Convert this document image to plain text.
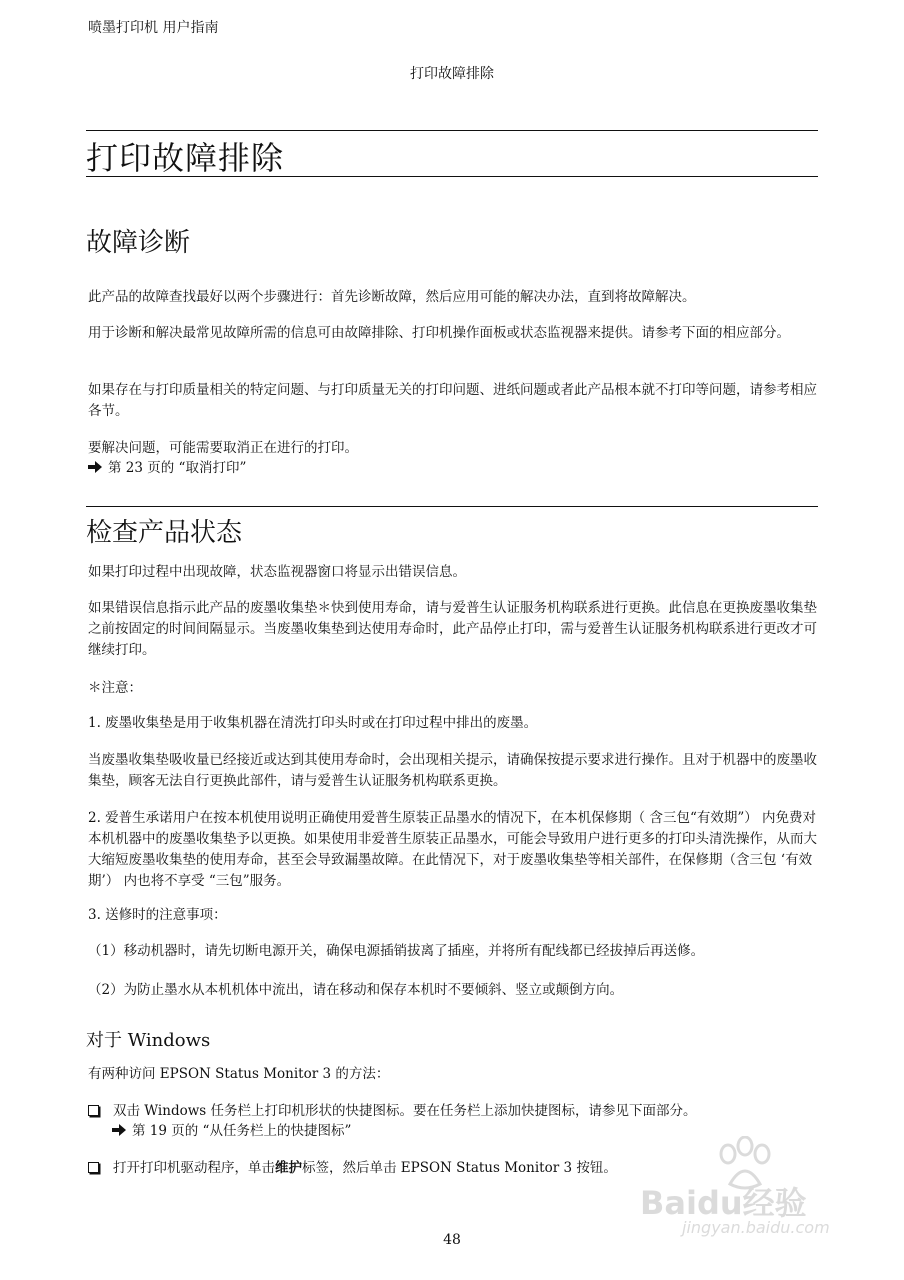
喷墨打印机 用户指南
打印故障排除
打印故障排除
故障诊断
此产品的故障查找最好以两个步骤进行：首先诊断故障，然后应用可能的解决办法，直到将故障解决。
用于诊断和解决最常见故障所需的信息可由故障排除、打印机操作面板或状态监视器来提供。请参考下面的相应部分。
如果存在与打印质量相关的特定问题、与打印质量无关的打印问题、进纸问题或者此产品根本就不打印等问题，请参考相应各节。
要解决问题，可能需要取消正在进行的打印。
第 23 页的 “取消打印”
检查产品状态
如果打印过程中出现故障，状态监视器窗口将显示出错误信息。
如果错误信息指示此产品的废墨收集垫＊快到使用寿命，请与爱普生认证服务机构联系进行更换。此信息在更换废墨收集垫之前按固定的时间间隔显示。当废墨收集垫到达使用寿命时，此产品停止打印，需与爱普生认证服务机构联系进行更改才可继续打印。
＊注意：
1. 废墨收集垫是用于收集机器在清洗打印头时或在打印过程中排出的废墨。
当废墨收集垫吸收量已经接近或达到其使用寿命时，会出现相关提示，请确保按提示要求进行操作。且对于机器中的废墨收集垫，顾客无法自行更换此部件，请与爱普生认证服务机构联系更换。
2. 爱普生承诺用户在按本机使用说明正确使用爱普生原装正品墨水的情况下，在本机保修期（ 含三包“有效期”） 内免费对本机机器中的废墨收集垫予以更换。如果使用非爱普生原装正品墨水，可能会导致用户进行更多的打印头清洗操作，从而大大缩短废墨收集垫的使用寿命，甚至会导致漏墨故障。在此情况下，对于废墨收集垫等相关部件，在保修期（含三包 ‘有效期’） 内也将不享受 “三包”服务。
3. 送修时的注意事项：
（1）移动机器时，请先切断电源开关，确保电源插销拔离了插座，并将所有配线都已经拔掉后再送修。
（2）为防止墨水从本机机体中流出，请在移动和保存本机时不要倾斜、竖立或颠倒方向。
对于 Windows
有两种访问 EPSON Status Monitor 3 的方法：
双击 Windows 任务栏上打印机形状的快捷图标。要在任务栏上添加快捷图标，请参见下面部分。
第 19 页的 “从任务栏上的快捷图标”
打开打印机驱动程序，单击维护标签，然后单击 EPSON Status Monitor 3 按钮。
48
Baidu经验
jingyan.baidu.com
